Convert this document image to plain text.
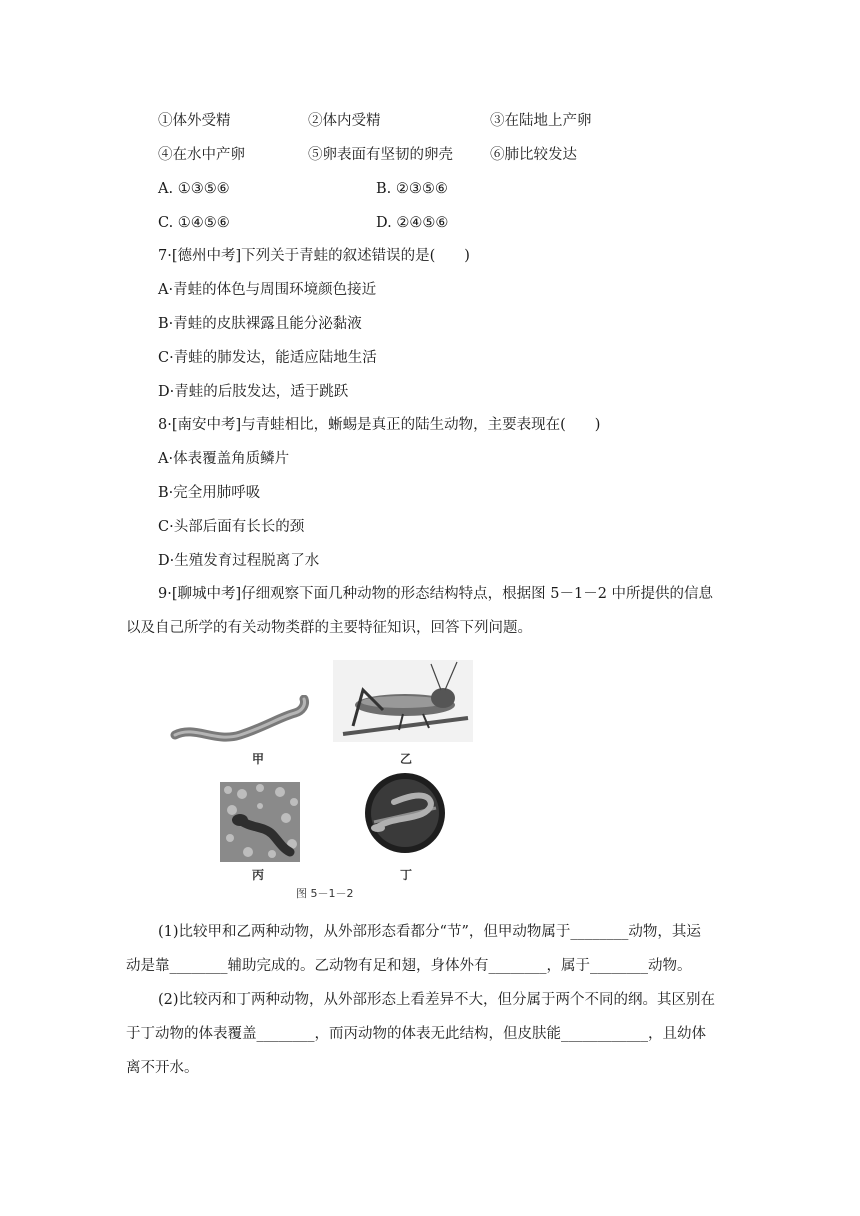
①体外受精	②体内受精	③在陆地上产卵
④在水中产卵	⑤卵表面有坚韧的卵壳	⑥肺比较发达
A. ①③⑤⑥	B. ②③⑤⑥
C. ①④⑤⑥	D. ②④⑤⑥
7·[德州中考]下列关于青蛙的叙述错误的是(　　)
A·青蛙的体色与周围环境颜色接近
B·青蛙的皮肤裸露且能分泌黏液
C·青蛙的肺发达，能适应陆地生活
D·青蛙的后肢发达，适于跳跃
8·[南安中考]与青蛙相比，蜥蜴是真正的陆生动物，主要表现在(　　)
A·体表覆盖角质鳞片
B·完全用肺呼吸
C·头部后面有长长的颈
D·生殖发育过程脱离了水
9·[聊城中考]仔细观察下面几种动物的形态结构特点，根据图 5－1－2 中所提供的信息
以及自己所学的有关动物类群的主要特征知识，回答下列问题。
甲	乙
丙	丁
图 5－1－2
(1)比较甲和乙两种动物，从外部形态看都分“节”，但甲动物属于________动物，其运
动是靠________辅助完成的。乙动物有足和翅，身体外有________，属于________动物。
(2)比较丙和丁两种动物，从外部形态上看差异不大，但分属于两个不同的纲。其区别在
于丁动物的体表覆盖________，而丙动物的体表无此结构，但皮肤能____________，且幼体
离不开水。
